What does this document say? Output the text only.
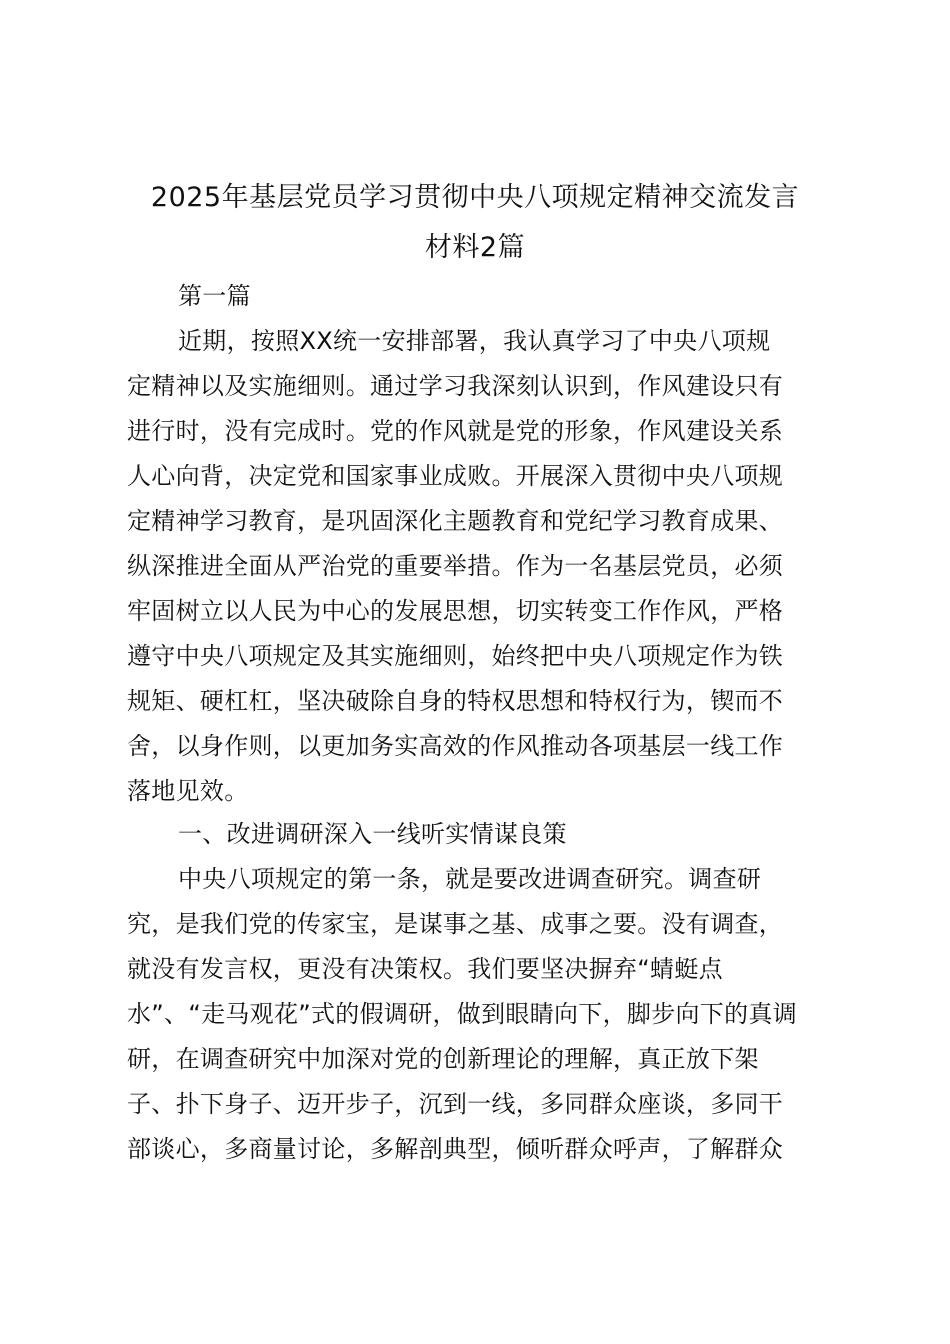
2025年基层党员学习贯彻中央八项规定精神交流发言
材料2篇
第一篇
近期，按照XX统一安排部署，我认真学习了中央八项规
定精神以及实施细则。通过学习我深刻认识到，作风建设只有
进行时，没有完成时。党的作风就是党的形象，作风建设关系
人心向背，决定党和国家事业成败。开展深入贯彻中央八项规
定精神学习教育，是巩固深化主题教育和党纪学习教育成果、
纵深推进全面从严治党的重要举措。作为一名基层党员，必须
牢固树立以人民为中心的发展思想，切实转变工作作风，严格
遵守中央八项规定及其实施细则，始终把中央八项规定作为铁
规矩、硬杠杠，坚决破除自身的特权思想和特权行为，锲而不
舍，以身作则，以更加务实高效的作风推动各项基层一线工作
落地见效。
一、改进调研深入一线听实情谋良策
中央八项规定的第一条，就是要改进调查研究。调查研
究，是我们党的传家宝，是谋事之基、成事之要。没有调查，
就没有发言权，更没有决策权。我们要坚决摒弃“蜻蜓点
水”、“走马观花”式的假调研，做到眼睛向下，脚步向下的真调
研，在调查研究中加深对党的创新理论的理解，真正放下架
子、扑下身子、迈开步子，沉到一线，多同群众座谈，多同干
部谈心，多商量讨论，多解剖典型，倾听群众呼声，了解群众
